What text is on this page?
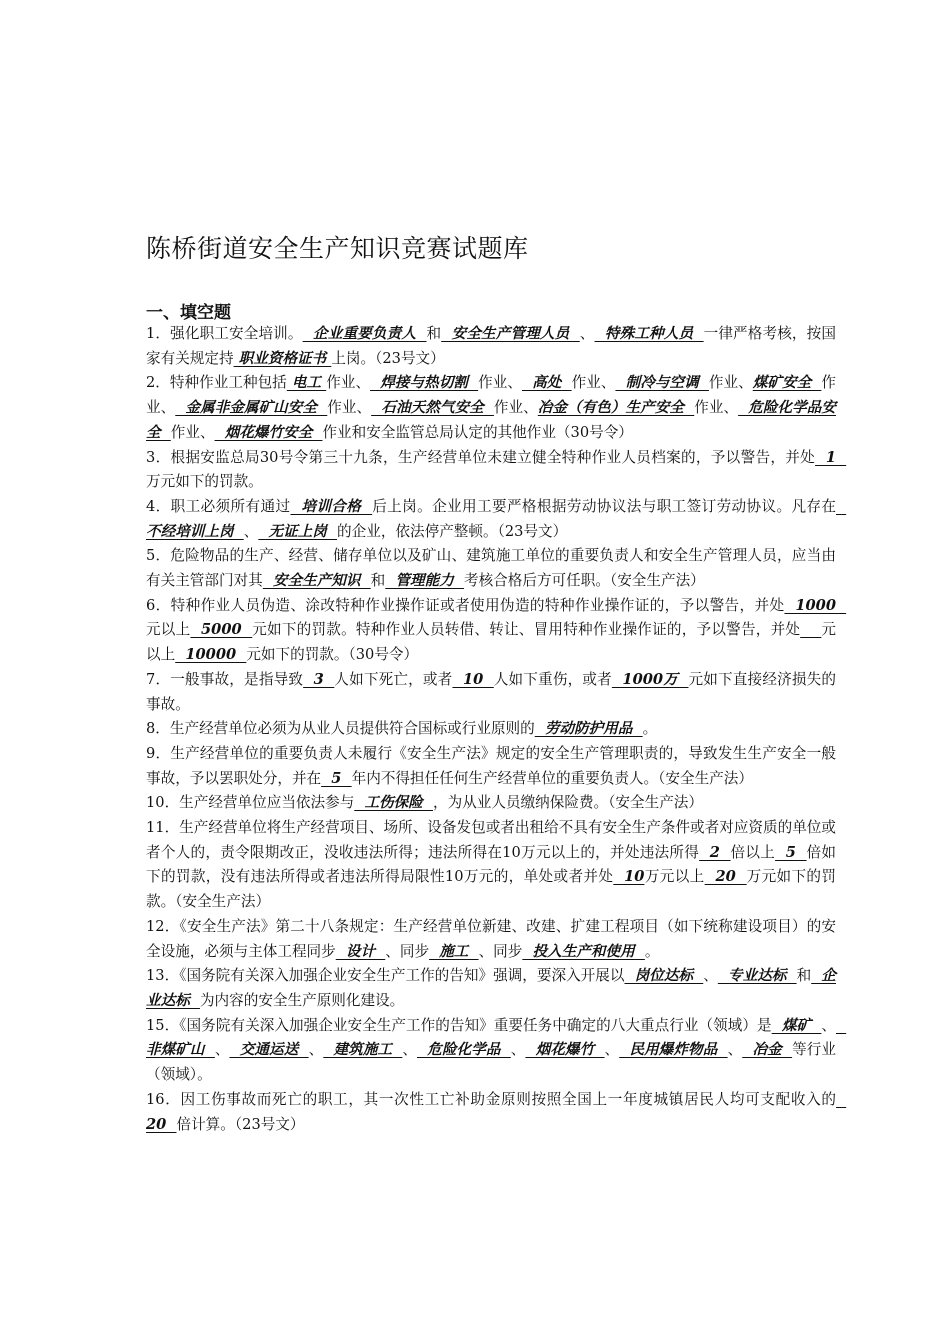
陈桥街道安全生产知识竞赛试题库
一、填空题

1．强化职工安全培训。  企业重要负责人  和  安全生产管理人员  、  特殊工种人员  一律严格考核，按国家有关规定持 职业资格证书 上岗。（23号文）

2．特种作业工种包括 电工 作业、  焊接与热切割  作业、  高处  作业、  制冷与空调  作业、煤矿安全  作业、  金属非金属矿山安全  作业、  石油天然气安全  作业、冶金（有色）生产安全  作业、  危险化学品安全  作业、  烟花爆竹安全  作业和安全监管总局认定的其他作业（30号令）

3．根据安监总局30号令第三十九条，生产经营单位未建立健全特种作业人员档案的，予以警告，并处  1  万元如下的罚款。

4．职工必须所有通过  培训合格  后上岗。企业用工要严格根据劳动协议法与职工签订劳动协议。凡存在  不经培训上岗  、  无证上岗  的企业，依法停产整顿。（23号文）

5．危险物品的生产、经营、储存单位以及矿山、建筑施工单位的重要负责人和安全生产管理人员，应当由有关主管部门对其  安全生产知识  和  管理能力  考核合格后方可任职。（安全生产法）

6．特种作业人员伪造、涂改特种作业操作证或者使用伪造的特种作业操作证的，予以警告，并处  1000  元以上  5000  元如下的罚款。特种作业人员转借、转让、冒用特种作业操作证的，予以警告，并处 元以上  10000  元如下的罚款。（30号令）

7．一般事故，是指导致  3  人如下死亡，或者  10  人如下重伤，或者  1000万  元如下直接经济损失的事故。

8．生产经营单位必须为从业人员提供符合国标或行业原则的  劳动防护用品  。

9．生产经营单位的重要负责人未履行《安全生产法》规定的安全生产管理职责的，导致发生生产安全一般事故，予以罢职处分，并在  5  年内不得担任任何生产经营单位的重要负责人。（安全生产法）

10．生产经营单位应当依法参与  工伤保险  ，为从业人员缴纳保险费。（安全生产法）

11．生产经营单位将生产经营项目、场所、设备发包或者出租给不具有安全生产条件或者对应资质的单位或者个人的，责令限期改正，没收违法所得；违法所得在10万元以上的，并处违法所得  2  倍以上  5  倍如下的罚款，没有违法所得或者违法所得局限性10万元的，单处或者并处  10万元以上  20  万元如下的罚款。（安全生产法）

12．《安全生产法》第二十八条规定：生产经营单位新建、改建、扩建工程项目（如下统称建设项目）的安全设施，必须与主体工程同步  设计  、同步  施工  、同步  投入生产和使用  。

13．《国务院有关深入加强企业安全生产工作的告知》强调，要深入开展以  岗位达标  、  专业达标  和  企业达标  为内容的安全生产原则化建设。

15．《国务院有关深入加强企业安全生产工作的告知》重要任务中确定的八大重点行业（领域）是  煤矿  、  非煤矿山  、  交通运送  、  建筑施工  、  危险化学品  、  烟花爆竹  、  民用爆炸物品  、  冶金  等行业（领域）。

16．因工伤事故而死亡的职工，其一次性工亡补助金原则按照全国上一年度城镇居民人均可支配收入的  20  倍计算。（23号文）
